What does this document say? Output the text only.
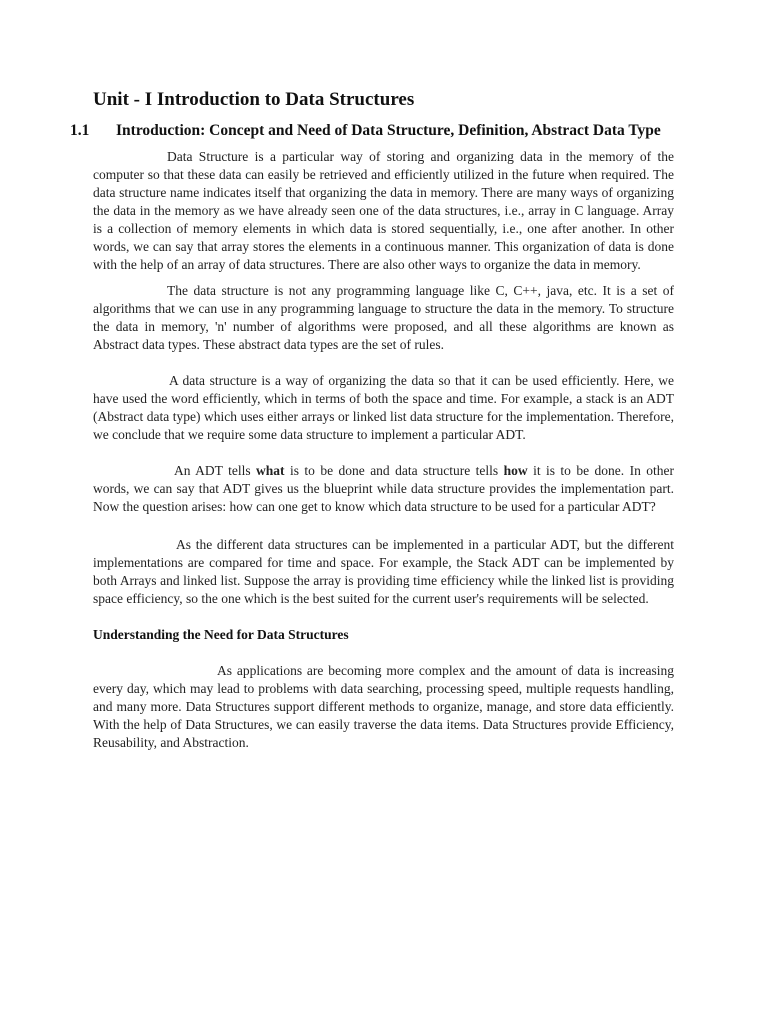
Unit - I Introduction to Data Structures
1.1 Introduction: Concept and Need of Data Structure, Definition, Abstract Data Type

Data Structure is a particular way of storing and organizing data in the memory of the computer so that these data can easily be retrieved and efficiently utilized in the future when required. The data structure name indicates itself that organizing the data in memory. There are many ways of organizing the data in the memory as we have already seen one of the data structures, i.e., array in C language. Array is a collection of memory elements in which data is stored sequentially, i.e., one after another. In other words, we can say that array stores the elements in a continuous manner. This organization of data is done with the help of an array of data structures. There are also other ways to organize the data in memory.

The data structure is not any programming language like C, C++, java, etc. It is a set of algorithms that we can use in any programming language to structure the data in the memory. To structure the data in memory, 'n' number of algorithms were proposed, and all these algorithms are known as Abstract data types. These abstract data types are the set of rules.

A data structure is a way of organizing the data so that it can be used efficiently. Here, we have used the word efficiently, which in terms of both the space and time. For example, a stack is an ADT (Abstract data type) which uses either arrays or linked list data structure for the implementation. Therefore, we conclude that we require some data structure to implement a particular ADT.

An ADT tells what is to be done and data structure tells how it is to be done. In other words, we can say that ADT gives us the blueprint while data structure provides the implementation part. Now the question arises: how can one get to know which data structure to be used for a particular ADT?

As the different data structures can be implemented in a particular ADT, but the different implementations are compared for time and space. For example, the Stack ADT can be implemented by both Arrays and linked list. Suppose the array is providing time efficiency while the linked list is providing space efficiency, so the one which is the best suited for the current user's requirements will be selected.

Understanding the Need for Data Structures

As applications are becoming more complex and the amount of data is increasing every day, which may lead to problems with data searching, processing speed, multiple requests handling, and many more. Data Structures support different methods to organize, manage, and store data efficiently. With the help of Data Structures, we can easily traverse the data items. Data Structures provide Efficiency, Reusability, and Abstraction.
